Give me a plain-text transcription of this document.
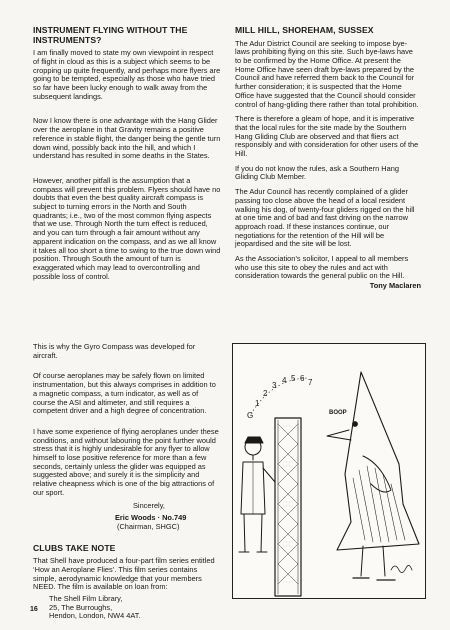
INSTRUMENT FLYING WITHOUT THE INSTRUMENTS?

I am finally moved to state my own viewpoint in respect of flight in cloud as this is a subject which seems to be cropping up quite frequently, and perhaps more flyers are going to be tempted, especially as those who have tried so far have been lucky enough to walk away from the subsequent landings.

Now I know there is one advantage with the Hang Glider over the aeroplane in that Gravity remains a positive reference in stable flight, the danger being the gentle turn down wind, possibly back into the hill, and which I understand has resulted in some deaths in the States.

However, another pitfall is the assumption that a compass will prevent this problem. Flyers should have no doubts that even the best quality aircraft compass is subject to turning errors in the North and South quadrants; i.e., two of the most common flying aspects that we use. Through North the turn effect is reduced, and you can turn through a fair amount without any apparent indication on the compass, and as we all know it takes all too short a time to swing to the true down wind position. Through South the amount of turn is exaggerated which may lead to overcontrolling and possible loss of control.

This is why the Gyro Compass was developed for aircraft.

Of course aeroplanes may be safely flown on limited instrumentation, but this always comprises in addition to a magnetic compass, a turn indicator, as well as of course the ASI and altimeter, and still requires a competent driver and a high degree of concentration.

I have some experience of flying aeroplanes under these conditions, and without labouring the point further would stress that it is highly undesirable for any flyer to allow himself to lose positive reference for more than a few seconds, certainly unless the glider was equipped as suggested above; and surely it is the simplicity and relative cheapness which is one of the big attractions of our sport.

Sincerely,
Eric Woods · No.749
(Chairman, SHGC)
CLUBS TAKE NOTE

That Shell have produced a four-part film series entitled ‘How an Aeroplane Flies’. This film series contains simple, aerodynamic knowledge that your members NEED. The film is available on loan from:

The Shell Film Library,
25, The Burroughs,
Hendon, London, NW4 4AT.
MILL HILL, SHOREHAM, SUSSEX

The Adur District Council are seeking to impose bye-laws prohibiting flying on this site. Such bye-laws have to be confirmed by the Home Office. At present the Home Office have seen draft bye-laws prepared by the Council and have referred them back to the Council for further consideration; it is suspected that the Home Office have suggested that the Council should consider control of hang-gliding there rather than total prohibition.

There is therefore a gleam of hope, and it is imperative that the local rules for the site made by the Southern Hang Gliding Club are observed and that fliers act responsibly and with consideration for other users of the Hill.

If you do not know the rules, ask a Southern Hang Gliding Club Member.

The Adur Council has recently complained of a glider passing too close above the head of a local resident walking his dog, of twenty-four gliders rigged on the hill at one time and of bad and fast driving on the narrow approach road. If these instances continue, our negotiations for the retention of the Hill will be jeopardised and the site will be lost.

As the Association’s solicitor, I appeal to all members who use this site to obey the rules and act with consideration towards the general public on the Hill.

Tony Maclaren
G
1
2
3
4 5 6 7
BOOP
16
